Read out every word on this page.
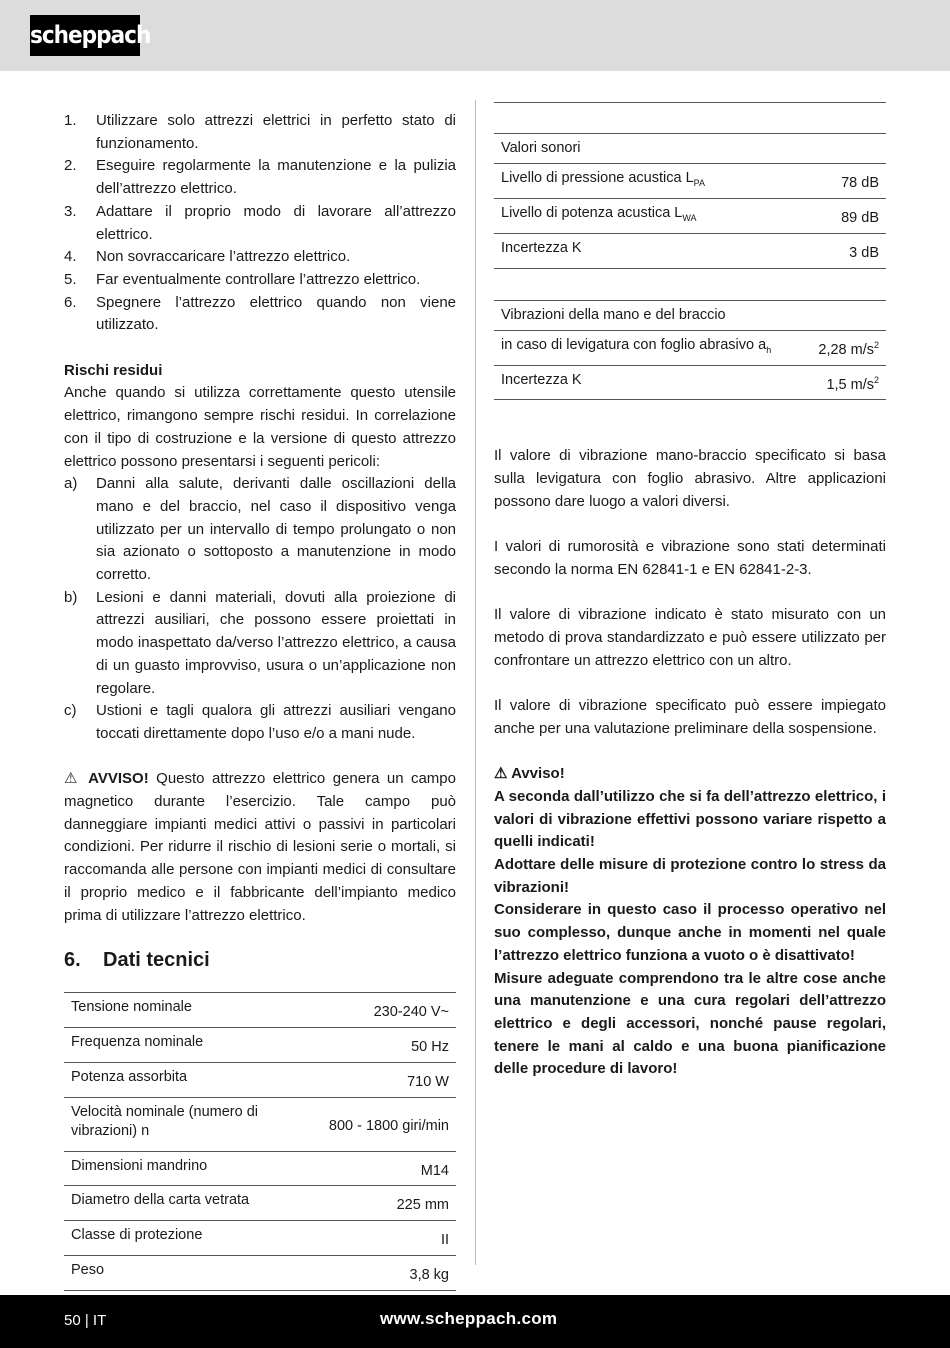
scheppach
1.	Utilizzare solo attrezzi elettrici in perfetto stato di funzionamento.
2.	Eseguire regolarmente la manutenzione e la pulizia dell’attrezzo elettrico.
3.	Adattare il proprio modo di lavorare all’attrezzo elettrico.
4.	Non sovraccaricare l’attrezzo elettrico.
5.	Far eventualmente controllare l’attrezzo elettrico.
6.	Spegnere l’attrezzo elettrico quando non viene utilizzato.
Rischi residui

Anche quando si utilizza correttamente questo utensile elettrico, rimangono sempre rischi residui. In correlazione con il tipo di costruzione e la versione di questo attrezzo elettrico possono presentarsi i seguenti pericoli:

a)	Danni alla salute, derivanti dalle oscillazioni della mano e del braccio, nel caso il dispositivo venga utilizzato per un intervallo di tempo prolungato o non sia azionato o sottoposto a manutenzione in modo corretto.
b)	Lesioni e danni materiali, dovuti alla proiezione di attrezzi ausiliari, che possono essere proiettati in modo inaspettato da/verso l’attrezzo elettrico, a causa di un guasto improvviso, usura o un’applicazione non regolare.
c)	Ustioni e tagli qualora gli attrezzi ausiliari vengano toccati direttamente dopo l’uso e/o a mani nude.

⚠ AVVISO! Questo attrezzo elettrico genera un campo magnetico durante l’esercizio. Tale campo può danneggiare impianti medici attivi o passivi in particolari condizioni. Per ridurre il rischio di lesioni serie o mortali, si raccomanda alle persone con impianti medici di consultare il proprio medico e il fabbricante dell’impianto medico prima di utilizzare l’attrezzo elettrico.

6.	Dati tecnici
Tensione nominale	230-240 V~
Frequenza nominale	50 Hz
Potenza assorbita	710 W
Velocità nominale (numero di vibrazioni) n	800 - 1800 giri/min
Dimensioni mandrino	M14
Diametro della carta vetrata	225 mm
Classe di protezione	II
Peso	3,8 kg
Valori sonori	
Livello di pressione acustica $L_{PA}$	78 dB
Livello di potenza acustica $L_{WA}$	89 dB
Incertezza K	3 dB
Vibrazioni della mano e del braccio	
in caso di levigatura con foglio abrasivo $a_h$	2,28 $m/s^2$
Incertezza K	1,5 $m/s^2$

Il valore di vibrazione mano-braccio specificato si basa sulla levigatura con foglio abrasivo. Altre applicazioni possono dare luogo a valori diversi.

I valori di rumorosità e vibrazione sono stati determinati secondo la norma EN 62841-1 e EN 62841-2-3.

Il valore di vibrazione indicato è stato misurato con un metodo di prova standardizzato e può essere utilizzato per confrontare un attrezzo elettrico con un altro.

Il valore di vibrazione specificato può essere impiegato anche per una valutazione preliminare della sospensione.

⚠ Avviso!

A seconda dall’utilizzo che si fa dell’attrezzo elettrico, i valori di vibrazione effettivi possono variare rispetto a quelli indicati!

Adottare delle misure di protezione contro lo stress da vibrazioni!

Considerare in questo caso il processo operativo nel suo complesso, dunque anche in momenti nel quale l’attrezzo elettrico funziona a vuoto o è disattivato!

Misure adeguate comprendono tra le altre cose anche una manutenzione e una cura regolari dell’attrezzo elettrico e degli accessori, nonché pause regolari, tenere le mani al caldo e una buona pianificazione delle procedure di lavoro!

50 | IT	www.scheppach.com
